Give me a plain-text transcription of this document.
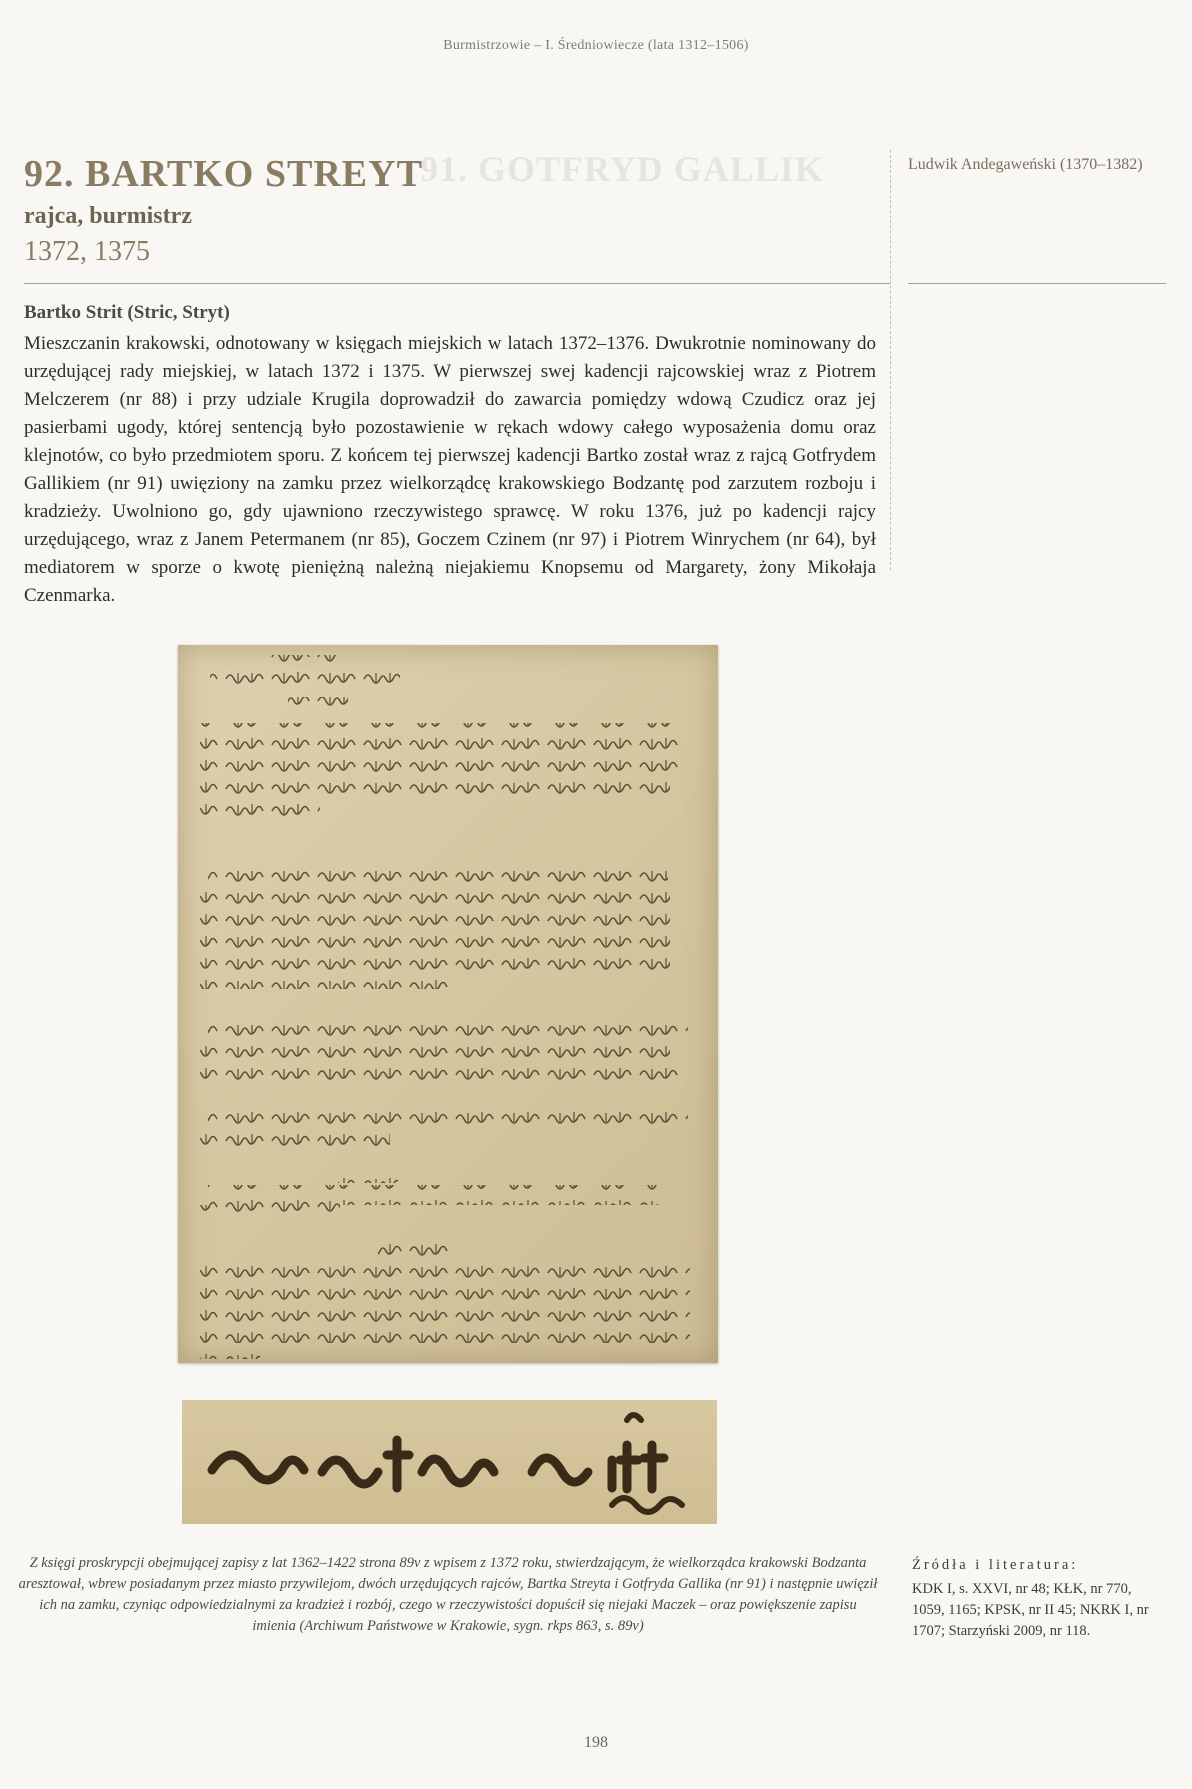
Burmistrzowie – I. Średniowiecze (lata 1312–1506)
91. GOTFRYD GALLIK
92. BARTKO STREYT
rajca, burmistrz
1372, 1375
Ludwik Andegaweński (1370–1382)
Bartko Strit (Stric, Stryt)
Mieszczanin krakowski, odnotowany w księgach miejskich w latach 1372–1376. Dwukrotnie nominowany do urzędującej rady miejskiej, w latach 1372 i 1375. W pierwszej swej kadencji rajcowskiej wraz z Piotrem Melczerem (nr 88) i przy udziale Krugila doprowadził do zawarcia pomiędzy wdową Czudicz oraz jej pasierbami ugody, której sentencją było pozostawienie w rękach wdowy całego wyposażenia domu oraz klejnotów, co było przedmiotem sporu. Z końcem tej pierwszej kadencji Bartko został wraz z rajcą Gotfrydem Gallikiem (nr 91) uwięziony na zamku przez wielkorządcę krakowskiego Bodzantę pod zarzutem rozboju i kradzieży. Uwolniono go, gdy ujawniono rzeczywistego sprawcę. W roku 1376, już po kadencji rajcy urzędującego, wraz z Janem Petermanem (nr 85), Goczem Czinem (nr 97) i Piotrem Winrychem (nr 64), był mediatorem w sporze o kwotę pieniężną należną niejakiemu Knopsemu od Margarety, żony Mikołaja Czenmarka.
Z księgi proskrypcji obejmującej zapisy z lat 1362–1422 strona 89v z wpisem z 1372 roku, stwierdzającym, że wielkorządca krakowski Bodzanta aresztował, wbrew posiadanym przez miasto przywilejom, dwóch urzędujących rajców, Bartka Streyta i Gotfryda Gallika (nr 91) i następnie uwięził ich na zamku, czyniąc odpowiedzialnymi za kradzież i rozbój, czego w rzeczywistości dopuścił się niejaki Maczek – oraz powiększenie zapisu imienia (Archiwum Państwowe w Krakowie, sygn. rkps 863, s. 89v)
Źródła i literatura:
KDK I, s. XXVI, nr 48; KŁK, nr 770, 1059, 1165; KPSK, nr II 45; NKRK I, nr 1707; Starzyński 2009, nr 118.
198
